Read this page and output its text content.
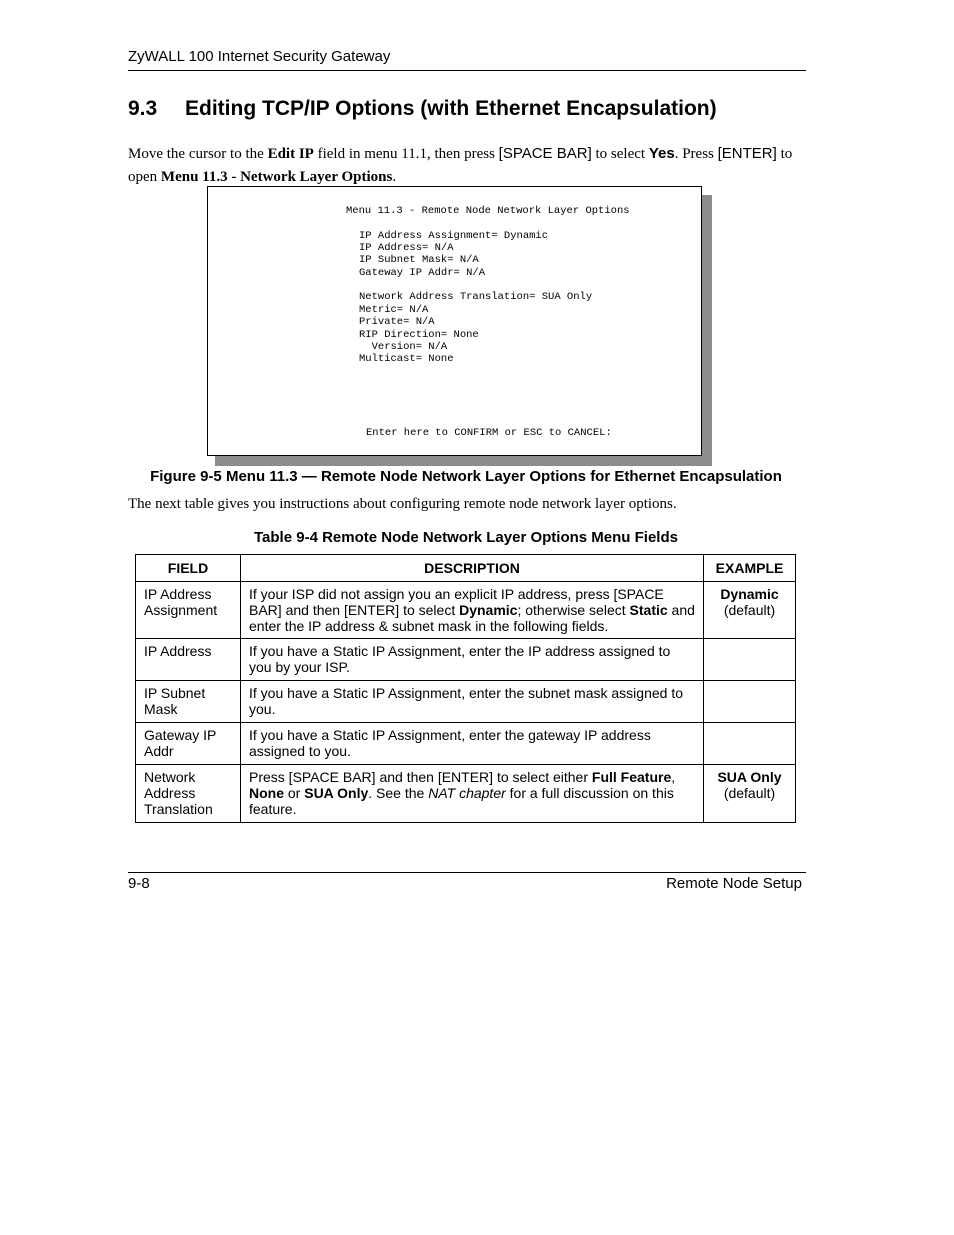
ZyWALL 100 Internet Security Gateway
9.3 Editing TCP/IP Options (with Ethernet Encapsulation)
Move the cursor to the Edit IP field in menu 11.1, then press [SPACE BAR] to select Yes. Press [ENTER] to open Menu 11.3 - Network Layer Options.
Menu 11.3 - Remote Node Network Layer Options
IP Address Assignment= Dynamic
IP Address= N/A
IP Subnet Mask= N/A
Gateway IP Addr= N/A
Network Address Translation= SUA Only
Metric= N/A
Private= N/A
RIP Direction= None
Version= N/A
Multicast= None
Enter here to CONFIRM or ESC to CANCEL:
Figure 9-5 Menu 11.3 — Remote Node Network Layer Options for Ethernet Encapsulation
The next table gives you instructions about configuring remote node network layer options.
Table 9-4 Remote Node Network Layer Options Menu Fields
FIELD	DESCRIPTION	EXAMPLE
IP Address Assignment	If your ISP did not assign you an explicit IP address, press [SPACE BAR] and then [ENTER] to select Dynamic; otherwise select Static and enter the IP address & subnet mask in the following fields.	Dynamic
(default)
IP Address	If you have a Static IP Assignment, enter the IP address assigned to you by your ISP.	
IP Subnet Mask	If you have a Static IP Assignment, enter the subnet mask assigned to you.	
Gateway IP Addr	If you have a Static IP Assignment, enter the gateway IP address assigned to you.	
Network Address Translation	Press [SPACE BAR] and then [ENTER] to select either Full Feature, None or SUA Only. See the NAT chapter for a full discussion on this feature.	SUA Only
(default)
9-8	Remote Node Setup
